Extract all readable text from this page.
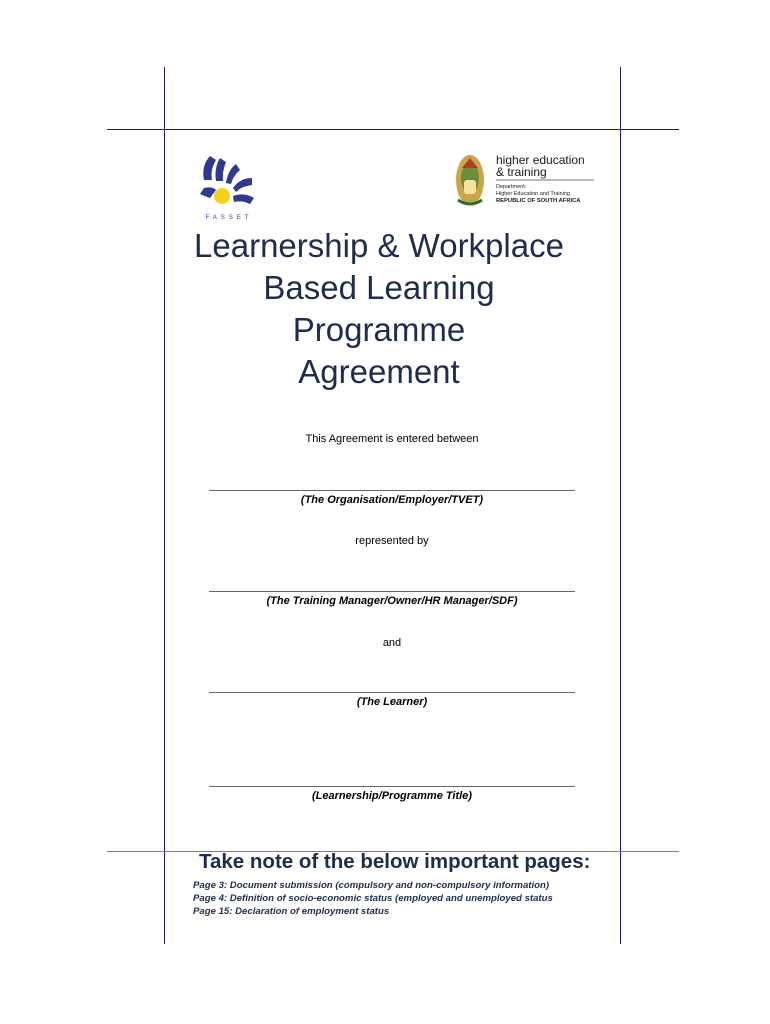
FASSET
higher education
& training
Department:
Higher Education and Training
REPUBLIC OF SOUTH AFRICA
Learnership & Workplace
Based Learning
Programme
Agreement
This Agreement is entered between
(The Organisation/Employer/TVET)
represented by
(The Training Manager/Owner/HR Manager/SDF)
and
(The Learner)
(Learnership/Programme Title)
Take note of the below important pages:
Page 3: Document submission (compulsory and non-compulsory information)
Page 4: Definition of socio-economic status (employed and unemployed status
Page 15: Declaration of employment status
